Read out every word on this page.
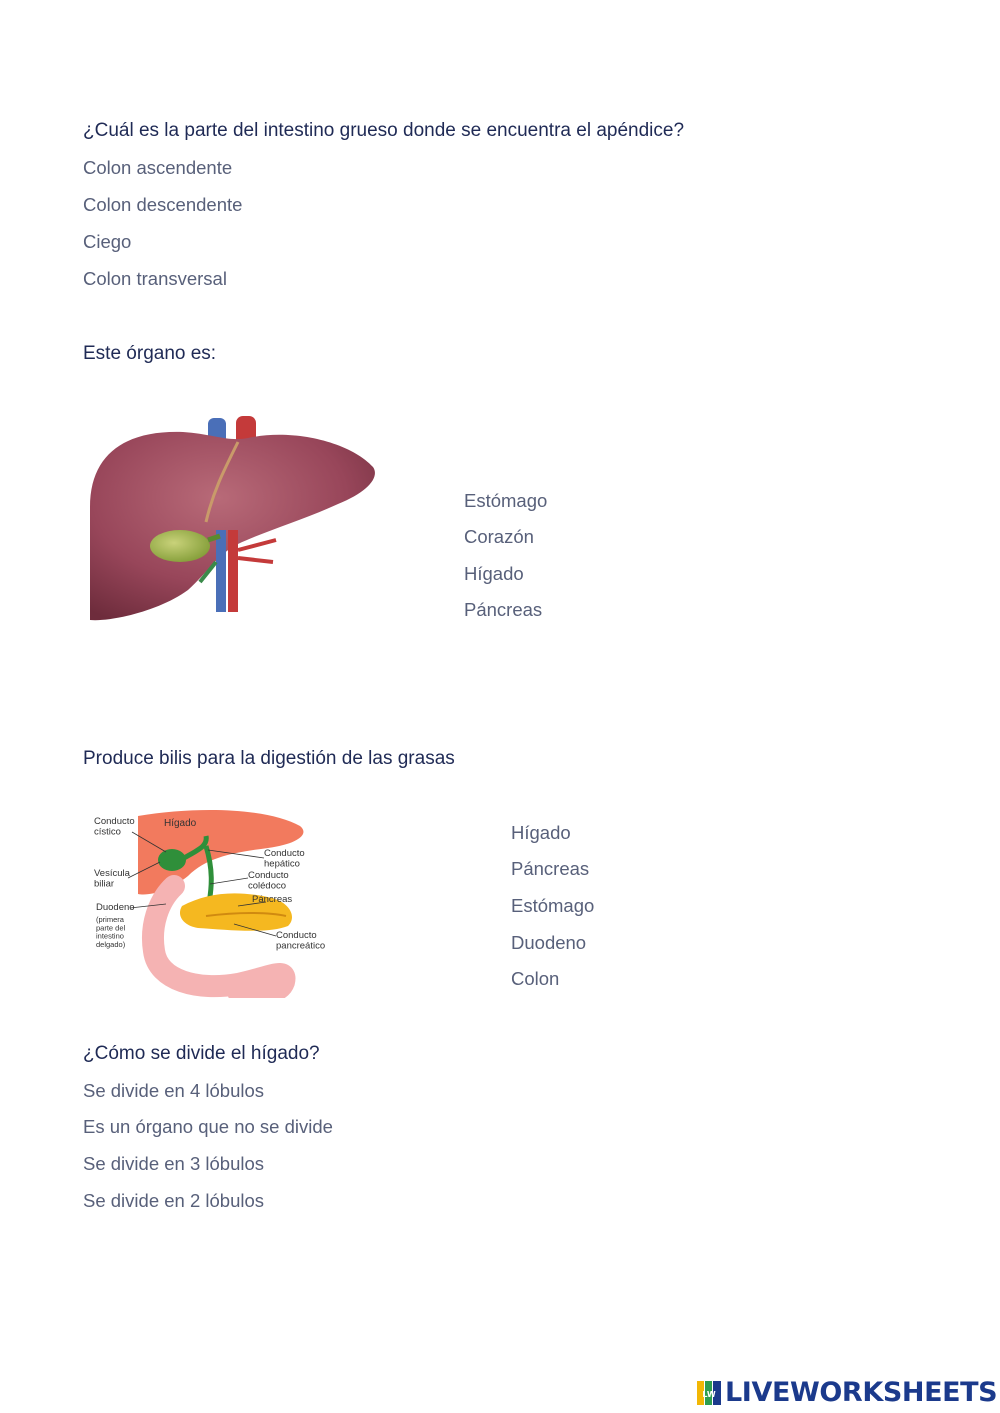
¿Cuál es la parte del intestino grueso donde se encuentra el apéndice?
Colon ascendente
Colon descendente
Ciego
Colon transversal
Este órgano es:
Estómago
Corazón
Hígado
Páncreas
Produce bilis para la digestión de las grasas
Conducto cístico
Hígado
Vesícula biliar
Conducto hepático
Conducto colédoco
Páncreas
Duodeno
(primera parte del intestino delgado)
Conducto pancreático
Hígado
Páncreas
Estómago
Duodeno
Colon
¿Cómo se divide el hígado?
Se divide en 4 lóbulos
Es un órgano que no se divide
Se divide en 3 lóbulos
Se divide en 2 lóbulos
LW LIVEWORKSHEETS
